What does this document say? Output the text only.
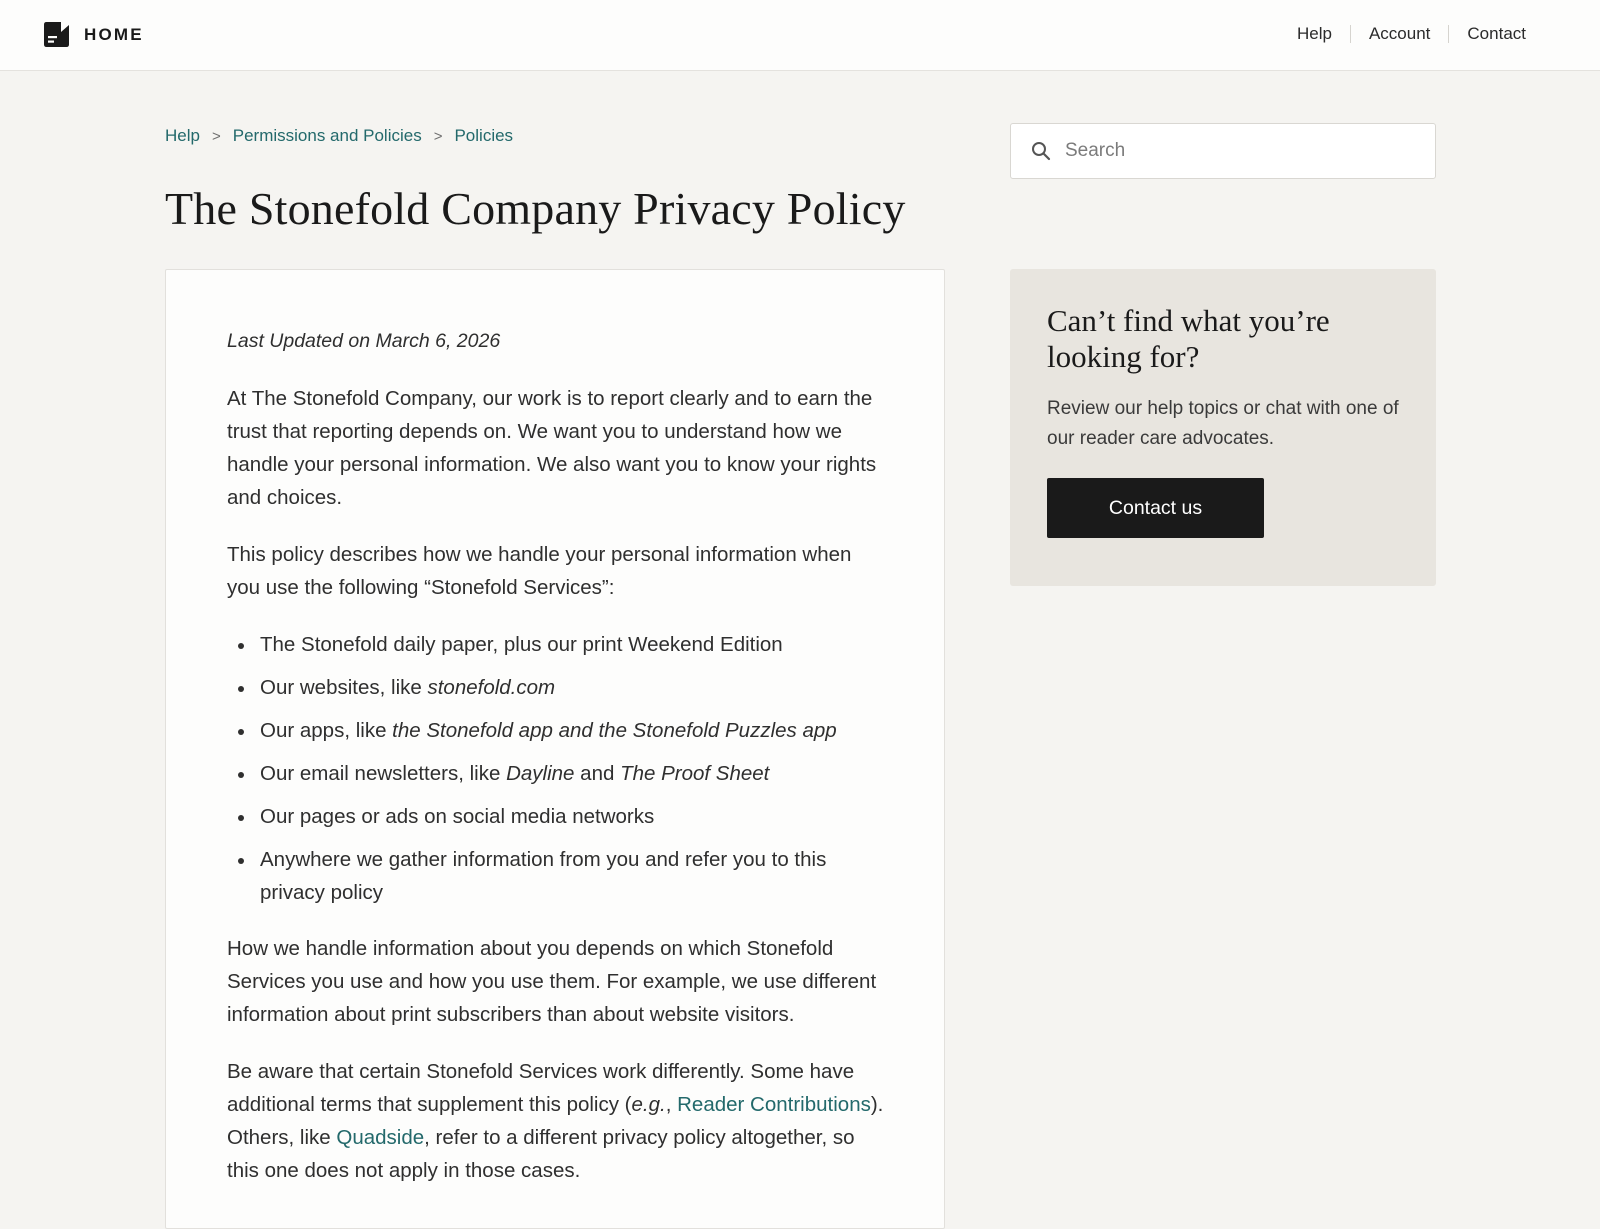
HOME	Help Account Contact
Help > Permissions and Policies > Policies
The Stonefold Company Privacy Policy
Search

Last Updated on March 6, 2026

At The Stonefold Company, our work is to report clearly and to earn the trust that reporting depends on. We want you to understand how we handle your personal information. We also want you to know your rights and choices.

This policy describes how we handle your personal information when you use the following “Stonefold Services”:

The Stonefold daily paper, plus our print Weekend Edition
Our websites, like stonefold.com
Our apps, like the Stonefold app and the Stonefold Puzzles app
Our email newsletters, like Dayline and The Proof Sheet
Our pages or ads on social media networks
Anywhere we gather information from you and refer you to this privacy policy

How we handle information about you depends on which Stonefold Services you use and how you use them. For example, we use different information about print subscribers than about website visitors.

Be aware that certain Stonefold Services work differently. Some have additional terms that supplement this policy (e.g., Reader Contributions). Others, like Quadside, refer to a different privacy policy altogether, so this one does not apply in those cases.

Can’t find what you’re looking for?

Review our help topics or chat with one of our reader care advocates.

Contact us
